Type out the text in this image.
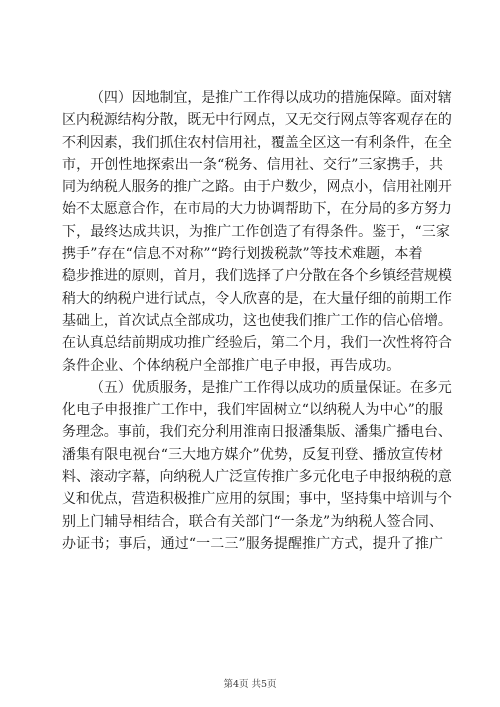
（四）因地制宜，是推广工作得以成功的措施保障。面对辖
区内税源结构分散，既无中行网点，又无交行网点等客观存在的
不利因素，我们抓住农村信用社，覆盖全区这一有利条件，在全
市，开创性地探索出一条“税务、信用社、交行”三家携手，共
同为纳税人服务的推广之路。由于户数少，网点小，信用社刚开
始不太愿意合作，在市局的大力协调帮助下，在分局的多方努力
下，最终达成共识，为推广工作创造了有得条件。鉴于，“三家
携手”存在“信息不对称”“跨行划拨税款”等技术难题，本着
稳步推进的原则，首月，我们选择了户分散在各个乡镇经营规模
稍大的纳税户进行试点，令人欣喜的是，在大量仔细的前期工作
基础上，首次试点全部成功，这也使我们推广工作的信心倍增。
在认真总结前期成功推广经验后，第二个月，我们一次性将符合
条件企业、个体纳税户全部推广电子申报，再告成功。
（五）优质服务，是推广工作得以成功的质量保证。在多元
化电子申报推广工作中，我们牢固树立“以纳税人为中心”的服
务理念。事前，我们充分利用淮南日报潘集版、潘集广播电台、
潘集有限电视台“三大地方媒介”优势，反复刊登、播放宣传材
料、滚动字幕，向纳税人广泛宣传推广多元化电子申报纳税的意
义和优点，营造积极推广应用的氛围；事中，坚持集中培训与个
别上门辅导相结合，联合有关部门“一条龙”为纳税人签合同、
办证书；事后，通过“一二三”服务提醒推广方式，提升了推广
第4页 共5页
